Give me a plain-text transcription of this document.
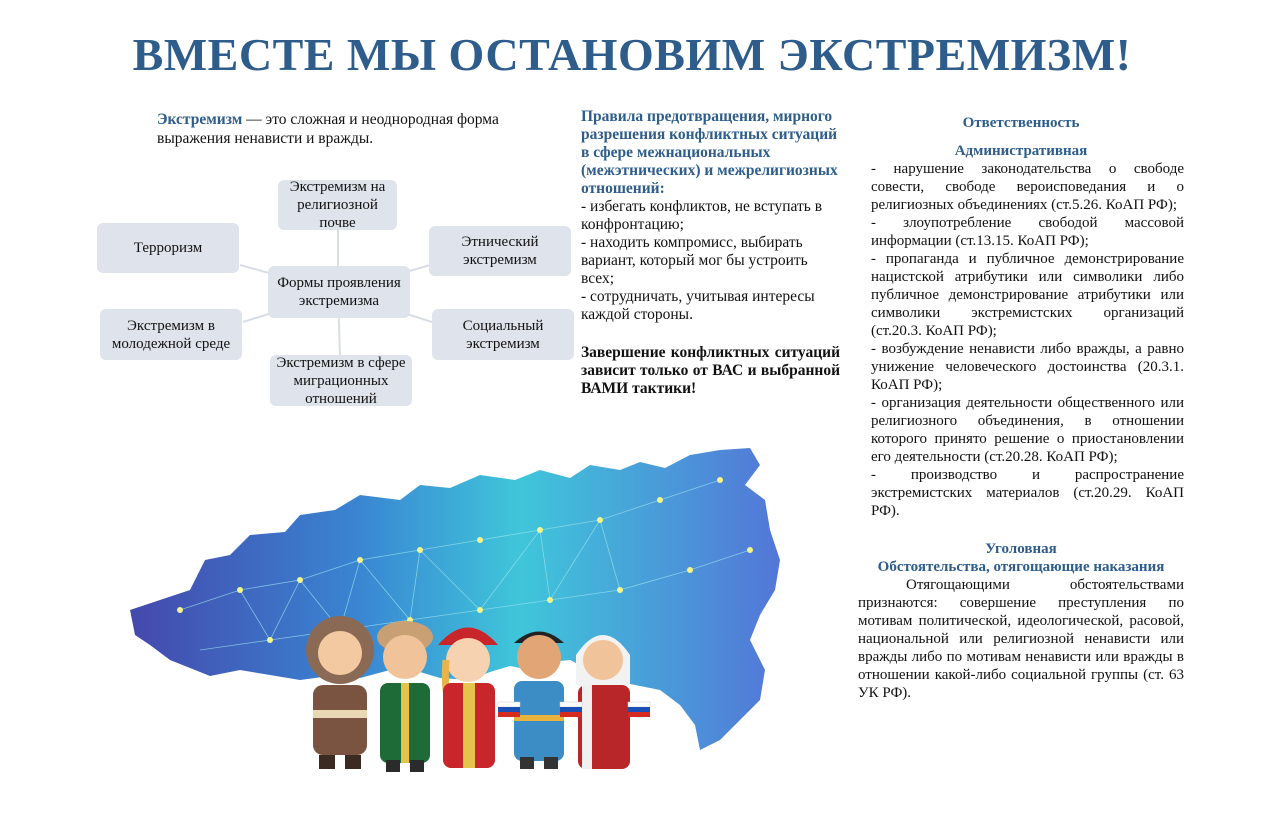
ВМЕСТЕ МЫ ОСТАНОВИМ ЭКСТРЕМИЗМ!
Экстремизм — это сложная и неоднородная форма выражения ненависти и вражды.
Экстремизм на религиозной почве
Терроризм	Этнический экстремизм
Формы проявления экстремизма
Экстремизм в молодежной среде
Социальный экстремизм
Экстремизм в сфере миграционных отношений
Правила предотвращения, мирного разрешения конфликтных ситуаций в сфере межнациональных (межэтнических) и межрелигиозных отношений:
- избегать конфликтов, не вступать в конфронтацию;
- находить компромисс, выбирать вариант, который мог бы устроить всех;
- сотрудничать, учитывая интересы каждой стороны.
Завершение конфликтных ситуаций зависит только от ВАС и выбранной ВАМИ тактики!
Ответственность
Административная
- нарушение законодательства о свободе совести, свободе вероисповедания и о религиозных объединениях (ст.5.26. КоАП РФ);
- злоупотребление свободой массовой информации (ст.13.15. КоАП РФ);
- пропаганда и публичное демонстрирование нацистской атрибутики или символики либо публичное демонстрирование атрибутики или символики экстремистских организаций (ст.20.3. КоАП РФ);
- возбуждение ненависти либо вражды, а равно унижение человеческого достоинства (20.3.1. КоАП РФ);
- организация деятельности общественного или религиозного объединения, в отношении которого принято решение о приостановлении его деятельности (ст.20.28. КоАП РФ);
- производство и распространение экстремистских материалов (ст.20.29. КоАП РФ).
Уголовная
Обстоятельства, отягощающие наказания
Отягощающими обстоятельствами признаются: совершение преступления по мотивам политической, идеологической, расовой, национальной или религиозной ненависти или вражды либо по мотивам ненависти или вражды в отношении какой-либо социальной группы (ст. 63 УК РФ).
